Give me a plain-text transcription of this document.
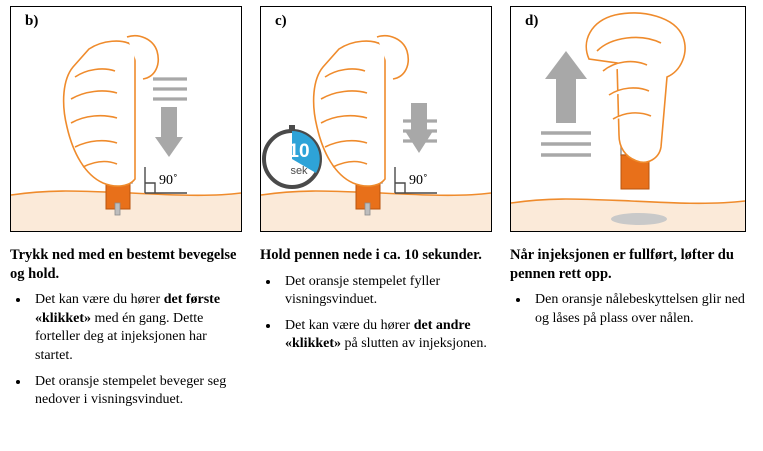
b)
90˚
Trykk ned med en bestemt bevegelse og hold.
• Det kan være du hører det første «klikket» med én gang. Dette forteller deg at injeksjonen har startet.
• Det oransje stempelet beveger seg nedover i visningsvinduet.
c)
10
sek
90˚
Hold pennen nede i ca. 10 sekunder.
• Det oransje stempelet fyller visningsvinduet.
• Det kan være du hører det andre «klikket» på slutten av injeksjonen.
d)
Når injeksjonen er fullført, løfter du pennen rett opp.
• Den oransje nålebeskyttelsen glir ned og låses på plass over nålen.
